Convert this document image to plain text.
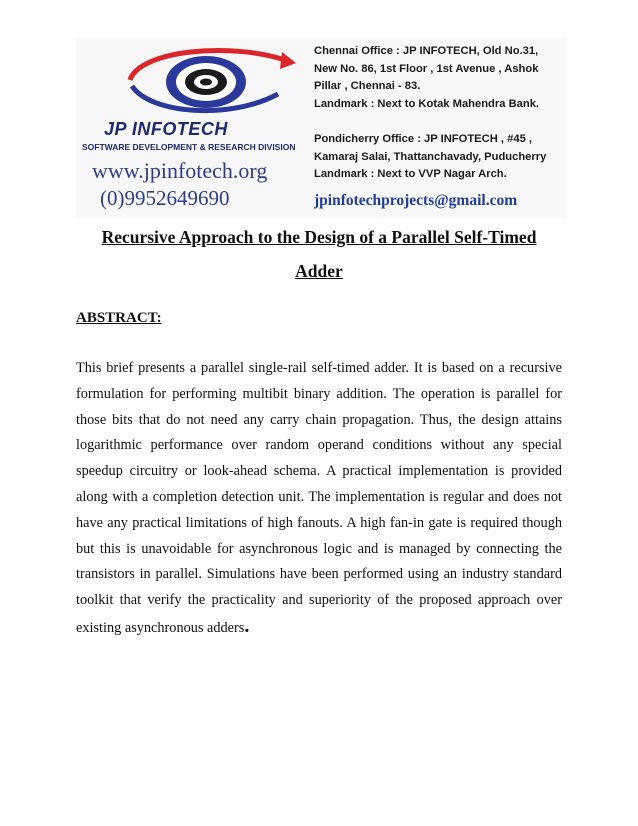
JP INFOTECH
SOFTWARE DEVELOPMENT & RESEARCH DIVISION
www.jpinfotech.org
(0)9952649690
Chennai Office : JP INFOTECH, Old No.31,
New No. 86, 1st Floor , 1st Avenue , Ashok
Pillar , Chennai - 83.
Landmark : Next to Kotak Mahendra Bank.
Pondicherry Office : JP INFOTECH , #45 ,
Kamaraj Salai, Thattanchavady, Puducherry
Landmark : Next to VVP Nagar Arch.
jpinfotechprojects@gmail.com
Recursive Approach to the Design of a Parallel Self-Timed
Adder
ABSTRACT:
This brief presents a parallel single-rail self-timed adder. It is based on a recursive formulation for performing multibit binary addition. The operation is parallel for those bits that do not need any carry chain propagation. Thus, the design attains logarithmic performance over random operand conditions without any special speedup circuitry or look-ahead schema. A practical implementation is provided along with a completion detection unit. The implementation is regular and does not have any practical limitations of high fanouts. A high fan-in gate is required though but this is unavoidable for asynchronous logic and is managed by connecting the transistors in parallel. Simulations have been performed using an industry standard toolkit that verify the practicality and superiority of the proposed approach over existing asynchronous adders.
